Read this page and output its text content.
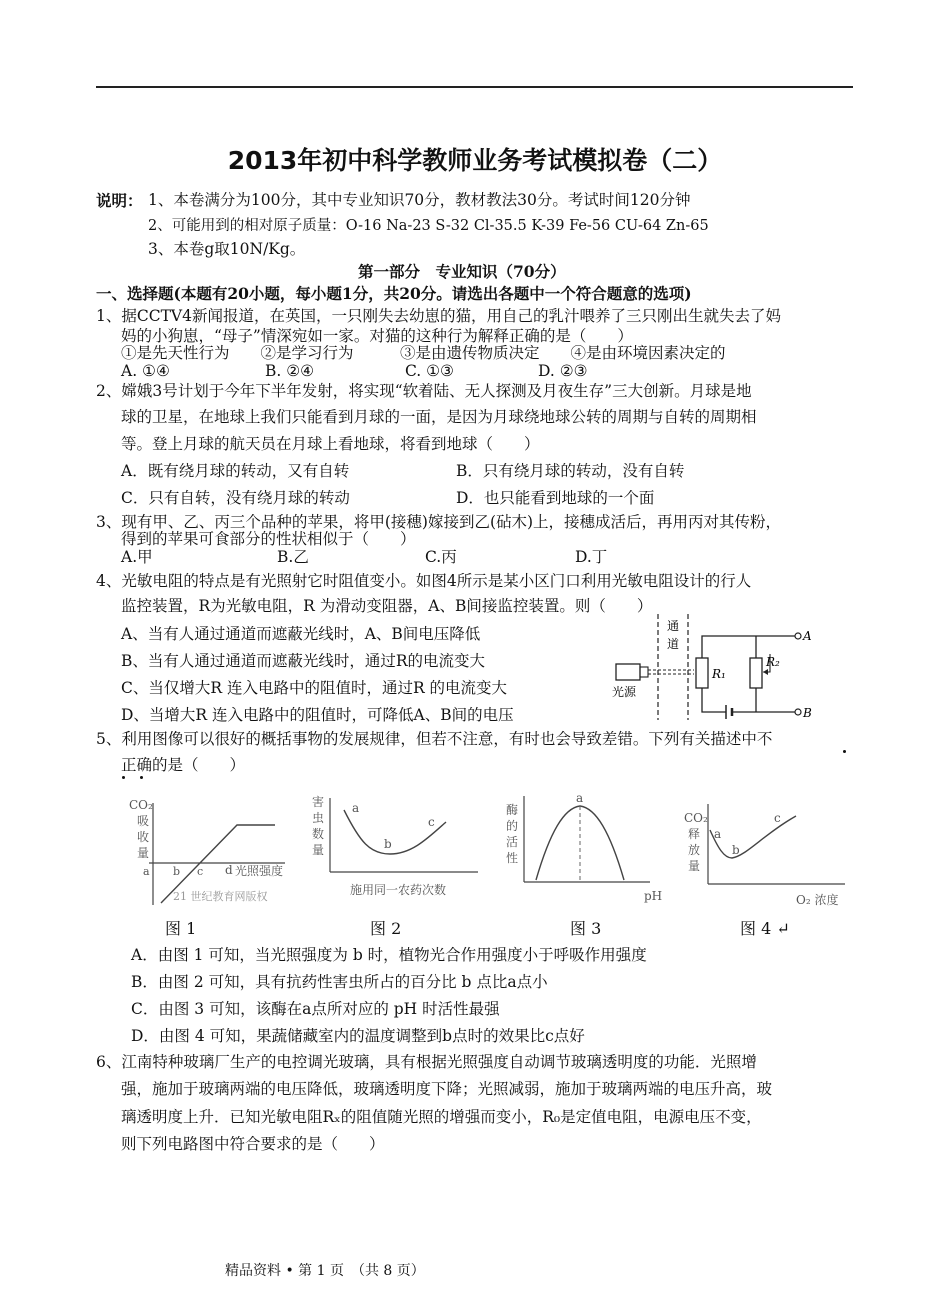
2013年初中科学教师业务考试模拟卷（二）
说明： 1、本卷满分为100分，其中专业知识70分，教材教法30分。考试时间120分钟
2、可能用到的相对原子质量：O-16 Na-23 S-32 Cl-35.5 K-39 Fe-56 CU-64 Zn-65
3、本卷g取10N/Kg。
第一部分　专业知识（70分）
一、选择题(本题有20小题，每小题1分，共20分。请选出各题中一个符合题意的选项)
1、据CCTV4新闻报道，在英国，一只刚失去幼崽的猫，用自己的乳汁喂养了三只刚出生就失去了妈
妈的小狗崽，“母子”情深宛如一家。对猫的这种行为解释正确的是（　　）
①是先天性行为　　②是学习行为　　　③是由遗传物质决定　　④是由环境因素决定的
A. ①④	B. ②④	C. ①③	D. ②③
2、嫦娥3号计划于今年下半年发射，将实现“软着陆、无人探测及月夜生存”三大创新。月球是地
球的卫星，在地球上我们只能看到月球的一面，是因为月球绕地球公转的周期与自转的周期相
等。登上月球的航天员在月球上看地球，将看到地球（　　）
A．既有绕月球的转动，又有自转	B．只有绕月球的转动，没有自转
C．只有自转，没有绕月球的转动	D．也只能看到地球的一个面
3、现有甲、乙、丙三个品种的苹果，将甲(接穗)嫁接到乙(砧木)上，接穗成活后，再用丙对其传粉，
得到的苹果可食部分的性状相似于（　　）
A.甲	B.乙	C.丙	D.丁
4、光敏电阻的特点是有光照射它时阻值变小。如图4所示是某小区门口利用光敏电阻设计的行人
监控装置，R为光敏电阻，R 为滑动变阻器，A、B间接监控装置。则（　　）
A、当有人通过通道而遮蔽光线时，A、B间电压降低
B、当有人通过通道而遮蔽光线时，通过R的电流变大
C、当仅增大R 连入电路中的阻值时，通过R 的电流变大
D、当增大R 连入电路中的阻值时，可降低A、B间的电压
通
道
光源
R₁
R₂
A
B
5、利用图像可以很好的概括事物的发展规律，但若不注意，有时也会导致差错。下列有关描述中不
正确的是（　　）
CO₂
吸
收
量
a b c d 光照强度
21 世纪教育网版权
图 1
害
虫
数
量
a
b
c
施用同一农药次数
图 2
酶
的
活
性
a
pH
图 3
CO₂
释
放
量
a
b
c
O₂ 浓度
图 4 ↵
A．由图 1 可知，当光照强度为 b 时，植物光合作用强度小于呼吸作用强度
B．由图 2 可知，具有抗药性害虫所占的百分比 b 点比a点小
C．由图 3 可知，该酶在a点所对应的 pH 时活性最强
D．由图 4 可知，果蔬储藏室内的温度调整到b点时的效果比c点好
6、江南特种玻璃厂生产的电控调光玻璃，具有根据光照强度自动调节玻璃透明度的功能．光照增
强，施加于玻璃两端的电压降低，玻璃透明度下降；光照减弱，施加于玻璃两端的电压升高，玻
璃透明度上升．已知光敏电阻Rₓ的阻值随光照的增强而变小，R₀是定值电阻，电源电压不变，
则下列电路图中符合要求的是（　　）
精品资料 • 第 1 页　（共 8 页）
